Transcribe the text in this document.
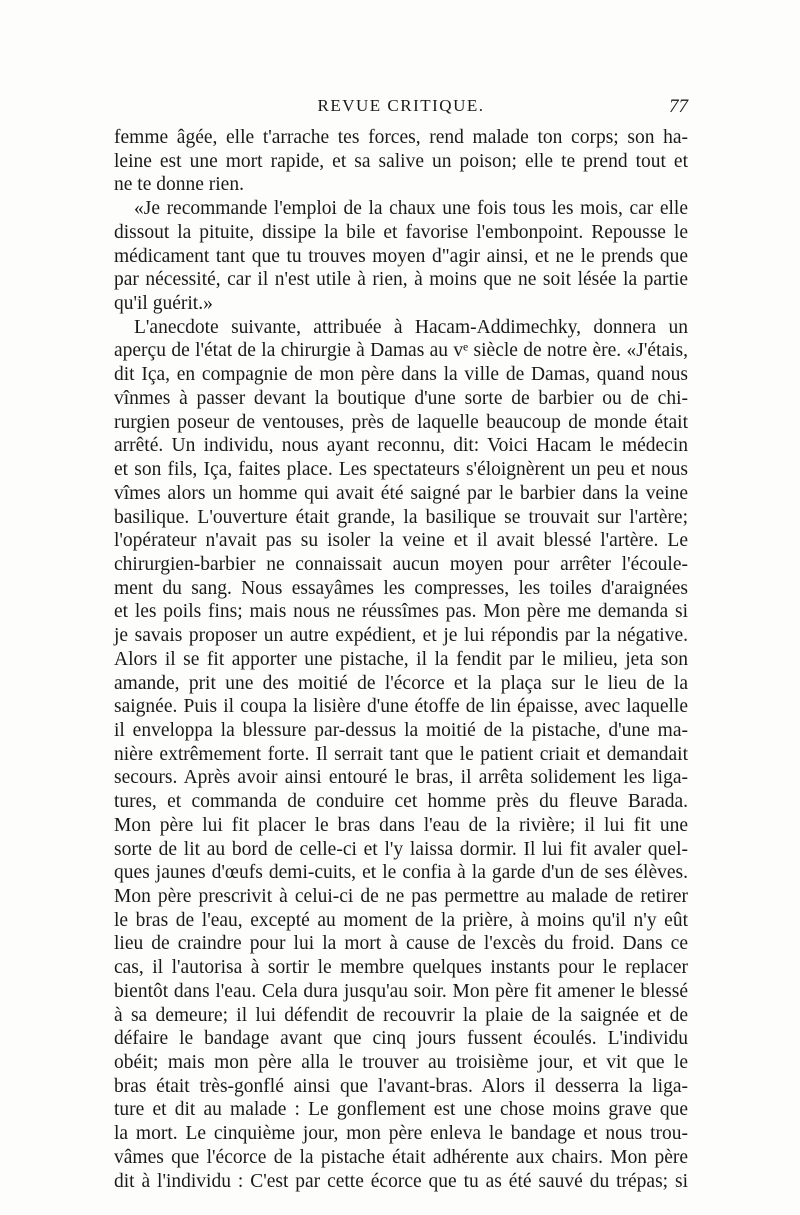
REVUE CRITIQUE.	77
femme âgée, elle t'arrache tes forces, rend malade ton corps; son ha-
leine est une mort rapide, et sa salive un poison; elle te prend tout et
ne te donne rien.
«Je recommande l'emploi de la chaux une fois tous les mois, car elle
dissout la pituite, dissipe la bile et favorise l'embonpoint. Repousse le
médicament tant que tu trouves moyen d"agir ainsi, et ne le prends que
par nécessité, car il n'est utile à rien, à moins que ne soit lésée la partie
qu'il guérit.»
L'anecdote suivante, attribuée à Hacam-Addimechky, donnera un
aperçu de l'état de la chirurgie à Damas au vᵉ siècle de notre ère. «J'étais,
dit Iça, en compagnie de mon père dans la ville de Damas, quand nous
vînmes à passer devant la boutique d'une sorte de barbier ou de chi-
rurgien poseur de ventouses, près de laquelle beaucoup de monde était
arrêté. Un individu, nous ayant reconnu, dit: Voici Hacam le médecin
et son fils, Iça, faites place. Les spectateurs s'éloignèrent un peu et nous
vîmes alors un homme qui avait été saigné par le barbier dans la veine
basilique. L'ouverture était grande, la basilique se trouvait sur l'artère;
l'opérateur n'avait pas su isoler la veine et il avait blessé l'artère. Le
chirurgien-barbier ne connaissait aucun moyen pour arrêter l'écoule-
ment du sang. Nous essayâmes les compresses, les toiles d'araignées
et les poils fins; mais nous ne réussîmes pas. Mon père me demanda si
je savais proposer un autre expédient, et je lui répondis par la négative.
Alors il se fit apporter une pistache, il la fendit par le milieu, jeta son
amande, prit une des moitié de l'écorce et la plaça sur le lieu de la
saignée. Puis il coupa la lisière d'une étoffe de lin épaisse, avec laquelle
il enveloppa la blessure par-dessus la moitié de la pistache, d'une ma-
nière extrêmement forte. Il serrait tant que le patient criait et demandait
secours. Après avoir ainsi entouré le bras, il arrêta solidement les liga-
tures, et commanda de conduire cet homme près du fleuve Barada.
Mon père lui fit placer le bras dans l'eau de la rivière; il lui fit une
sorte de lit au bord de celle-ci et l'y laissa dormir. Il lui fit avaler quel-
ques jaunes d'œufs demi-cuits, et le confia à la garde d'un de ses élèves.
Mon père prescrivit à celui-ci de ne pas permettre au malade de retirer
le bras de l'eau, excepté au moment de la prière, à moins qu'il n'y eût
lieu de craindre pour lui la mort à cause de l'excès du froid. Dans ce
cas, il l'autorisa à sortir le membre quelques instants pour le replacer
bientôt dans l'eau. Cela dura jusqu'au soir. Mon père fit amener le blessé
à sa demeure; il lui défendit de recouvrir la plaie de la saignée et de
défaire le bandage avant que cinq jours fussent écoulés. L'individu
obéit; mais mon père alla le trouver au troisième jour, et vit que le
bras était très-gonflé ainsi que l'avant-bras. Alors il desserra la liga-
ture et dit au malade : Le gonflement est une chose moins grave que
la mort. Le cinquième jour, mon père enleva le bandage et nous trou-
vâmes que l'écorce de la pistache était adhérente aux chairs. Mon père
dit à l'individu : C'est par cette écorce que tu as été sauvé du trépas; si
